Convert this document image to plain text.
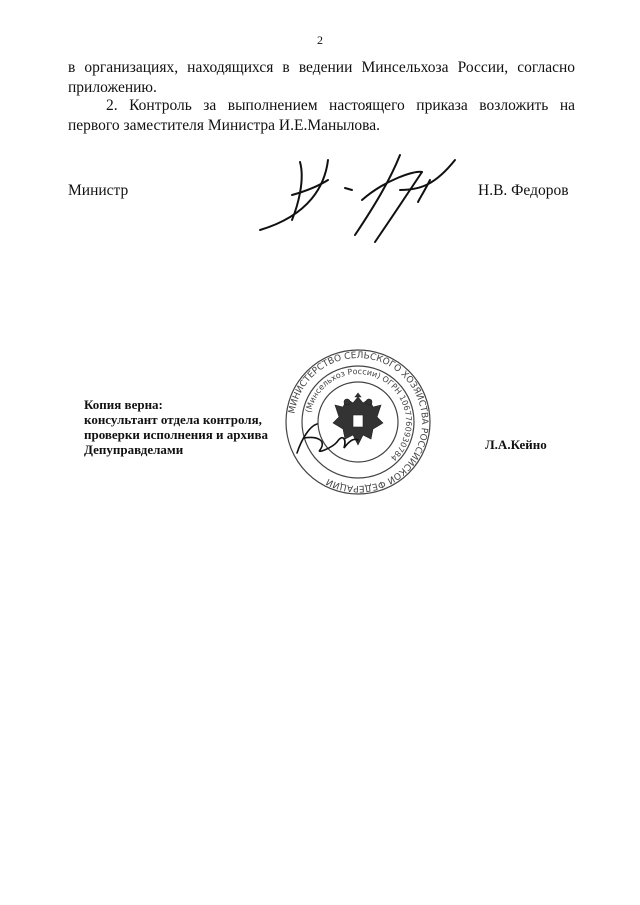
2
в организациях, находящихся в ведении Минсельхоза России, согласно приложению.
2. Контроль за выполнением настоящего приказа возложить на первого заместителя Министра И.Е.Манылова.
Министр	Н.В. Федоров
МИНИСТЕРСТВО СЕЛЬСКОГО ХОЗЯЙСТВА РОССИЙСКОЙ ФЕДЕРАЦИИ
(Минсельхоз России) ОГРН 1067760930784
Копия верна:
консультант отдела контроля,
проверки исполнения и архива
Депуправделами	Л.А.Кейно
